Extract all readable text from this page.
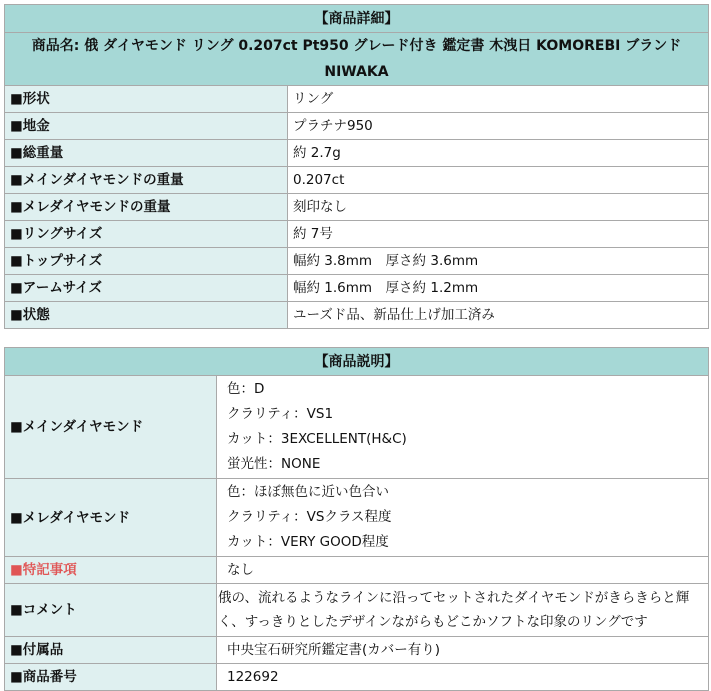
【商品詳細】	
商品名: 俄 ダイヤモンド リング 0.207ct Pt950 グレード付き 鑑定書 木洩日 KOMOREBI ブランド NIWAKA	
■形状	リング
■地金	プラチナ950
■総重量	約 2.7g
■メインダイヤモンドの重量	0.207ct
■メレダイヤモンドの重量	刻印なし
■リングサイズ	約 7号
■トップサイズ	幅約 3.8mm　厚さ約 3.6mm
■アームサイズ	幅約 1.6mm　厚さ約 1.2mm
■状態	ユーズド品、新品仕上げ加工済み
【商品説明】	
■メインダイヤモンド	色：D
クラリティ：VS1
カット：3EXCELLENT(H&C)
蛍光性：NONE

■メレダイヤモンド	色：ほぼ無色に近い色合い
クラリティ：VSクラス程度
カット：VERY GOOD程度

■特記事項	なし
■コメント	俄の、流れるようなラインに沿ってセットされたダイヤモンドがきらきらと輝く、すっきりとしたデザインながらもどこかソフトな印象のリングです
■付属品	中央宝石研究所鑑定書(カバー有り)
■商品番号	122692
